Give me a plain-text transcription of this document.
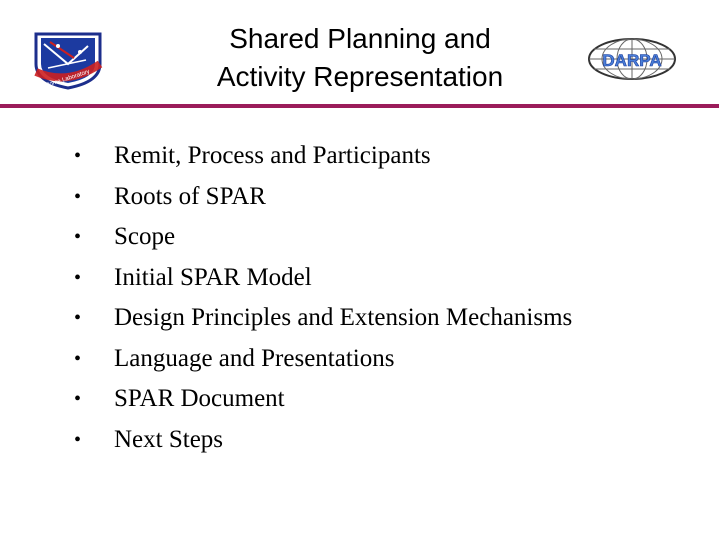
Rome Laboratory
Shared Planning and
Activity Representation
DARPA
•	Remit, Process and Participants
•	Roots of SPAR
•	Scope
•	Initial SPAR Model
•	Design Principles and Extension Mechanisms
•	Language and Presentations
•	SPAR Document
•	Next Steps
